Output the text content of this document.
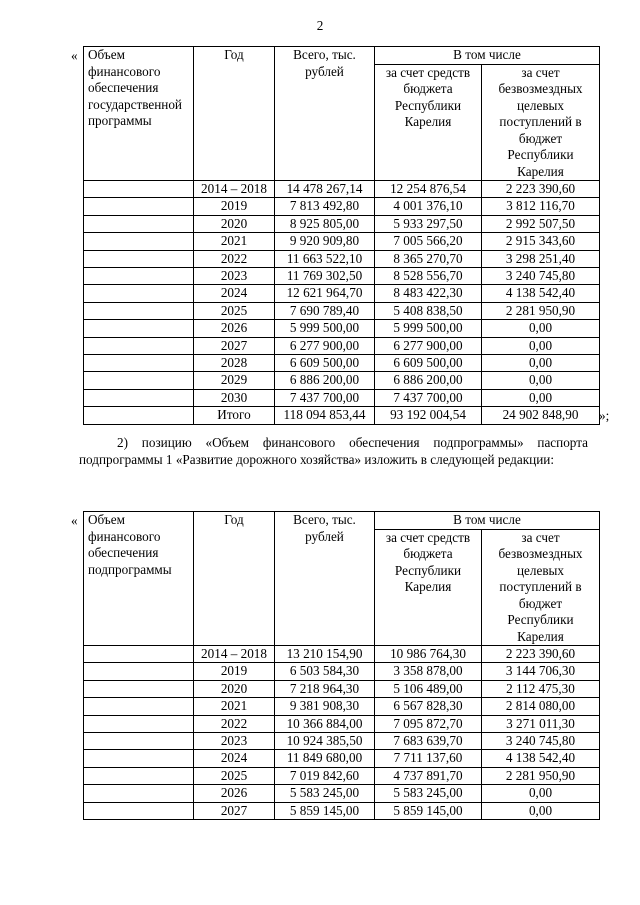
2
« Объем финансового обеспечения государственной программы	Год	Всего, тыс. рублей	В том числе	
			за счет средств бюджета Республики Карелия	за счет безвозмездных целевых поступлений в бюджет Республики Карелия
	2014 – 2018	14 478 267,14	12 254 876,54	2 223 390,60
	2019	7 813 492,80	4 001 376,10	3 812 116,70
	2020	8 925 805,00	5 933 297,50	2 992 507,50
	2021	9 920 909,80	7 005 566,20	2 915 343,60
	2022	11 663 522,10	8 365 270,70	3 298 251,40
	2023	11 769 302,50	8 528 556,70	3 240 745,80
	2024	12 621 964,70	8 483 422,30	4 138 542,40
	2025	7 690 789,40	5 408 838,50	2 281 950,90
	2026	5 999 500,00	5 999 500,00	0,00
	2027	6 277 900,00	6 277 900,00	0,00
	2028	6 609 500,00	6 609 500,00	0,00
	2029	6 886 200,00	6 886 200,00	0,00
	2030	7 437 700,00	7 437 700,00	0,00
	Итого	118 094 853,44	93 192 004,54	24 902 848,90 »;

2) позицию «Объем финансового обеспечения подпрограммы» паспорта подпрограммы 1 «Развитие дорожного хозяйства» изложить в следующей редакции:

« Объем финансового обеспечения подпрограммы	Год	Всего, тыс. рублей	В том числе	
			за счет средств бюджета Республики Карелия	за счет безвозмездных целевых поступлений в бюджет Республики Карелия
	2014 – 2018	13 210 154,90	10 986 764,30	2 223 390,60
	2019	6 503 584,30	3 358 878,00	3 144 706,30
	2020	7 218 964,30	5 106 489,00	2 112 475,30
	2021	9 381 908,30	6 567 828,30	2 814 080,00
	2022	10 366 884,00	7 095 872,70	3 271 011,30
	2023	10 924 385,50	7 683 639,70	3 240 745,80
	2024	11 849 680,00	7 711 137,60	4 138 542,40
	2025	7 019 842,60	4 737 891,70	2 281 950,90
	2026	5 583 245,00	5 583 245,00	0,00
	2027	5 859 145,00	5 859 145,00	0,00
